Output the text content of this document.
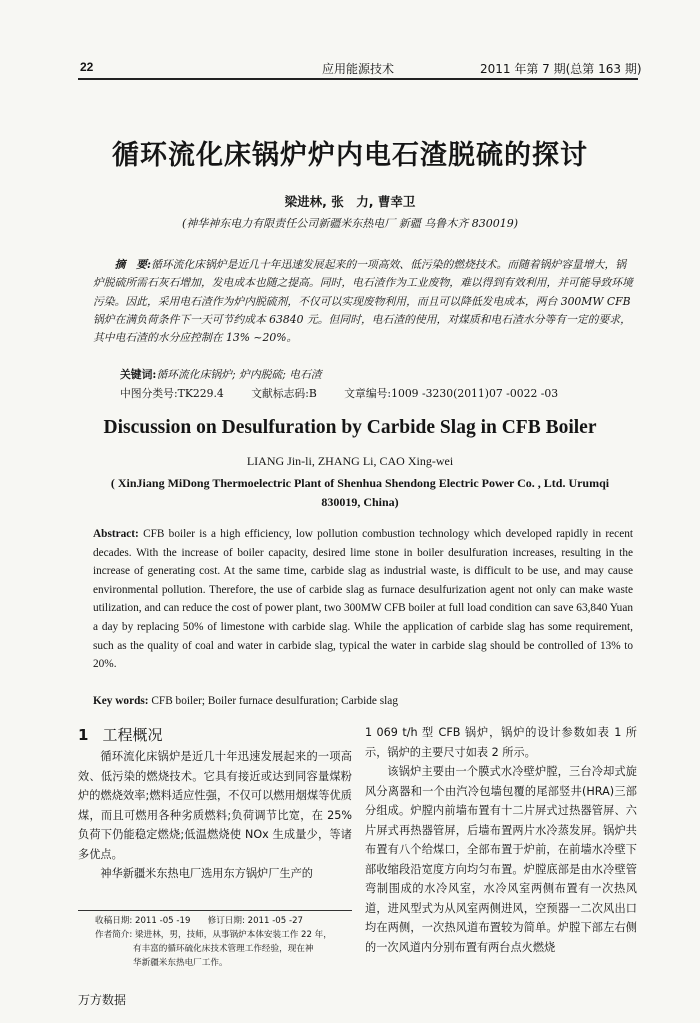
22	应用能源技术	2011 年第 7 期(总第 163 期)
循环流化床锅炉炉内电石渣脱硫的探讨
梁进林, 张　力, 曹幸卫
(神华神东电力有限责任公司新疆米东热电厂 新疆 乌鲁木齐 830019)
摘　要:循环流化床锅炉是近几十年迅速发展起来的一项高效、低污染的燃烧技术。而随着锅炉容量增大，锅炉脱硫所需石灰石增加，发电成本也随之提高。同时，电石渣作为工业废物，难以得到有效利用，并可能导致环境污染。因此，采用电石渣作为炉内脱硫剂，不仅可以实现废物利用，而且可以降低发电成本，两台 300MW CFB 锅炉在满负荷条件下一天可节约成本 63840 元。但同时，电石渣的使用，对煤质和电石渣水分等有一定的要求，其中电石渣的水分应控制在 13% ~20%。
关键词:循环流化床锅炉; 炉内脱硫; 电石渣
中图分类号:TK229.4	文献标志码:B	文章编号:1009 -3230(2011)07 -0022 -03
Discussion on Desulfuration by Carbide Slag in CFB Boiler
LIANG Jin-li, ZHANG Li, CAO Xing-wei
( XinJiang MiDong Thermoelectric Plant of Shenhua Shendong Electric Power Co. , Ltd. Urumqi 830019, China)
Abstract: CFB boiler is a high efficiency, low pollution combustion technology which developed rapidly in recent decades. With the increase of boiler capacity, desired lime stone in boiler desulfuration increases, resulting in the increase of generating cost. At the same time, carbide slag as industrial waste, is difficult to be use, and may cause environmental pollution. Therefore, the use of carbide slag as furnace desulfurization agent not only can make waste utilization, and can reduce the cost of power plant, two 300MW CFB boiler at full load condition can save 63,840 Yuan a day by replacing 50% of limestone with carbide slag. While the application of carbide slag has some requirement, such as the quality of coal and water in carbide slag, typical the water in carbide slag should be controlled of 13% to 20%.
Key words: CFB boiler; Boiler furnace desulfuration; Carbide slag
1 工程概况
循环流化床锅炉是近几十年迅速发展起来的一项高效、低污染的燃烧技术。它具有接近或达到同容量煤粉炉的燃烧效率;燃料适应性强，不仅可以燃用烟煤等优质煤，而且可燃用各种劣质燃料;负荷调节比宽，在 25% 负荷下仍能稳定燃烧;低温燃烧使 NOx 生成量少，等诸多优点。
神华新疆米东热电厂选用东方锅炉厂生产的
收稿日期: 2011 -05 -19　　修订日期: 2011 -05 -27
作者简介: 梁进林，男，技师，从事锅炉本体安装工作 22 年，
有丰富的循环硫化床技术管理工作经验，现在神
华新疆米东热电厂工作。

1 069 t/h 型 CFB 锅炉，锅炉的设计参数如表 1 所示，锅炉的主要尺寸如表 2 所示。

该锅炉主要由一个膜式水冷壁炉膛，三台冷却式旋风分离器和一个由汽冷包墙包覆的尾部竖井(HRA)三部分组成。炉膛内前墙布置有十二片屏式过热器管屏、六片屏式再热器管屏，后墙布置两片水冷蒸发屏。锅炉共布置有八个给煤口，全部布置于炉前，在前墙水冷壁下部收缩段沿宽度方向均匀布置。炉膛底部是由水冷壁管弯制围成的水冷风室，水冷风室两侧布置有一次热风道，进风型式为从风室两侧进风，空预器一二次风出口均在两侧，一次热风道布置较为简单。炉膛下部左右侧的一次风道内分别布置有两台点火燃烧

万方数据
